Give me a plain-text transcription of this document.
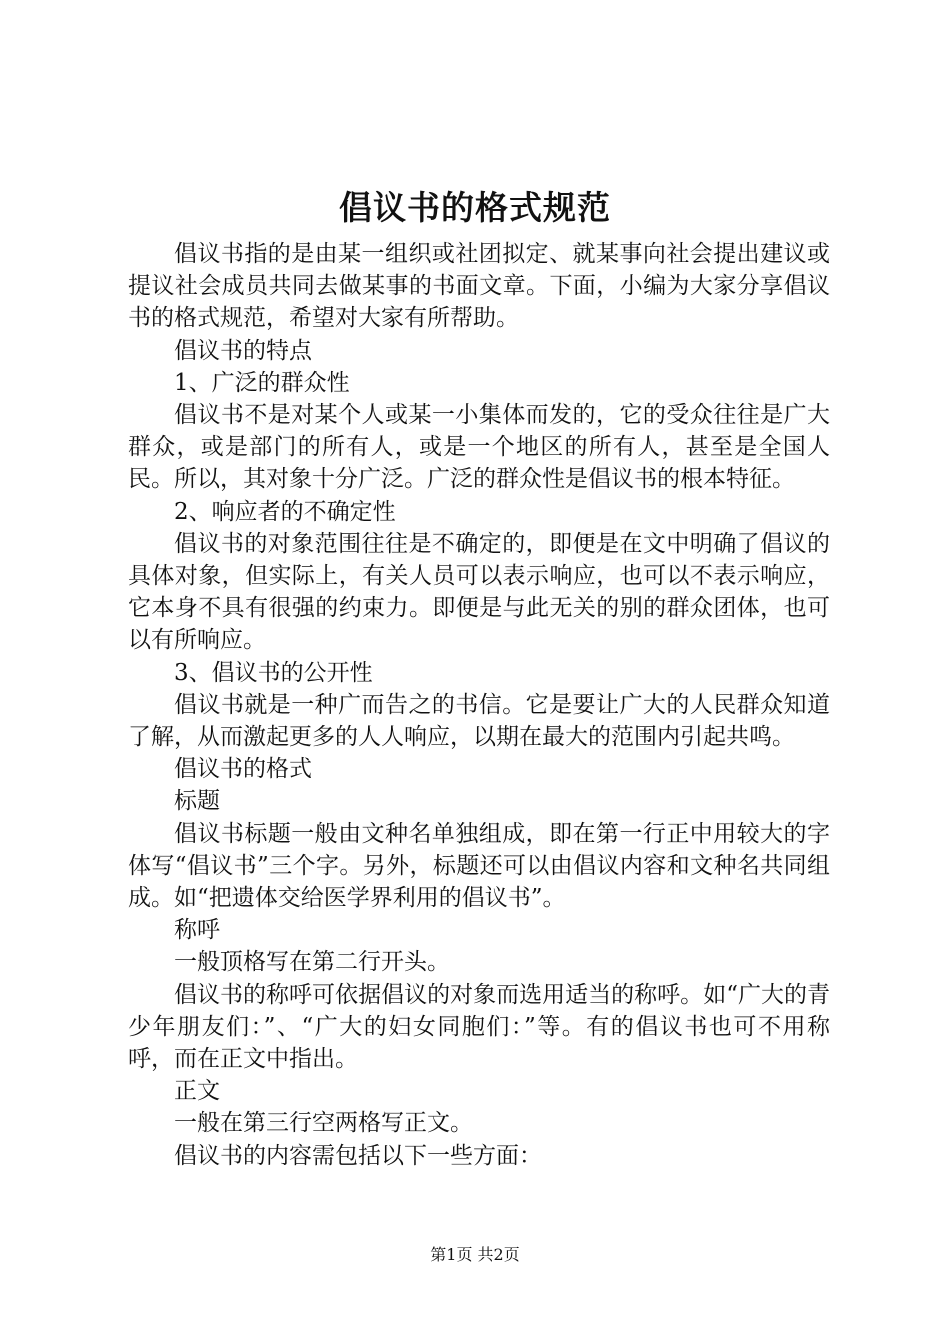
倡议书的格式规范

倡议书指的是由某一组织或社团拟定、就某事向社会提出建议或提议社会成员共同去做某事的书面文章。下面，小编为大家分享倡议书的格式规范，希望对大家有所帮助。

倡议书的特点

1、广泛的群众性

倡议书不是对某个人或某一小集体而发的，它的受众往往是广大群众，或是部门的所有人，或是一个地区的所有人，甚至是全国人民。所以，其对象十分广泛。广泛的群众性是倡议书的根本特征。

2、响应者的不确定性

倡议书的对象范围往往是不确定的，即便是在文中明确了倡议的具体对象，但实际上，有关人员可以表示响应，也可以不表示响应，它本身不具有很强的约束力。即便是与此无关的别的群众团体，也可以有所响应。

3、倡议书的公开性

倡议书就是一种广而告之的书信。它是要让广大的人民群众知道了解，从而激起更多的人人响应，以期在最大的范围内引起共鸣。

倡议书的格式

标题

倡议书标题一般由文种名单独组成，即在第一行正中用较大的字体写“倡议书”三个字。另外，标题还可以由倡议内容和文种名共同组成。如“把遗体交给医学界利用的倡议书”。

称呼

一般顶格写在第二行开头。

倡议书的称呼可依据倡议的对象而选用适当的称呼。如“广大的青少年朋友们：”、“广大的妇女同胞们：”等。有的倡议书也可不用称呼，而在正文中指出。

正文

一般在第三行空两格写正文。

倡议书的内容需包括以下一些方面：

第1页 共2页
